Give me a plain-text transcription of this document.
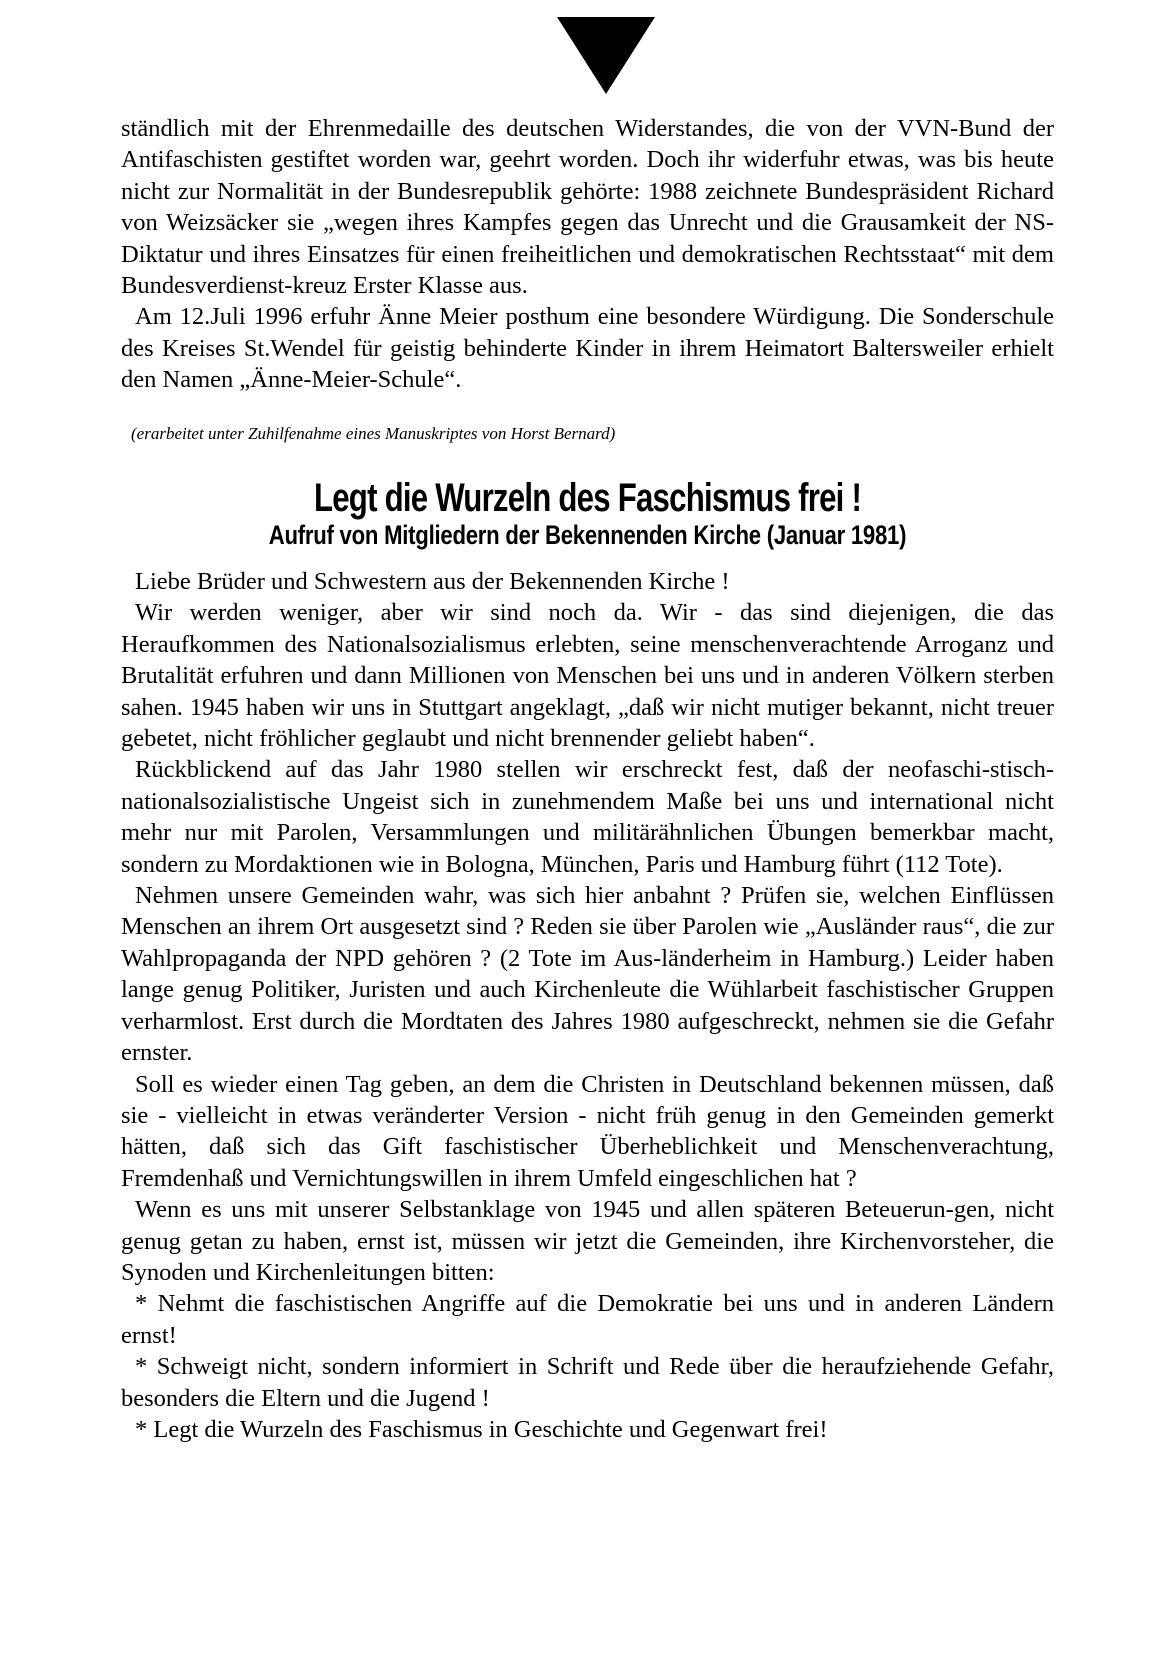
ständlich mit der Ehrenmedaille des deutschen Widerstandes, die von der VVN-Bund der Antifaschisten gestiftet worden war, geehrt worden. Doch ihr widerfuhr etwas, was bis heute nicht zur Normalität in der Bundesrepublik gehörte: 1988 zeichnete Bundespräsident Richard von Weizsäcker sie „wegen ihres Kampfes gegen das Unrecht und die Grausamkeit der NS-Diktatur und ihres Einsatzes für einen freiheitlichen und demokratischen Rechtsstaat“ mit dem Bundesverdienst-kreuz Erster Klasse aus.

Am 12.Juli 1996 erfuhr Änne Meier posthum eine besondere Würdigung. Die Sonderschule des Kreises St.Wendel für geistig behinderte Kinder in ihrem Heimatort Baltersweiler erhielt den Namen „Änne-Meier-Schule“.

(erarbeitet unter Zuhilfenahme eines Manuskriptes von Horst Bernard)
Legt die Wurzeln des Faschismus frei !
Aufruf von Mitgliedern der Bekennenden Kirche (Januar 1981)

Liebe Brüder und Schwestern aus der Bekennenden Kirche !

Wir werden weniger, aber wir sind noch da. Wir - das sind diejenigen, die das Heraufkommen des Nationalsozialismus erlebten, seine menschenverachtende Arroganz und Brutalität erfuhren und dann Millionen von Menschen bei uns und in anderen Völkern sterben sahen. 1945 haben wir uns in Stuttgart angeklagt, „daß wir nicht mutiger bekannt, nicht treuer gebetet, nicht fröhlicher geglaubt und nicht brennender geliebt haben“.

Rückblickend auf das Jahr 1980 stellen wir erschreckt fest, daß der neofaschi-stisch-nationalsozialistische Ungeist sich in zunehmendem Maße bei uns und international nicht mehr nur mit Parolen, Versammlungen und militärähnlichen Übungen bemerkbar macht, sondern zu Mordaktionen wie in Bologna, München, Paris und Hamburg führt (112 Tote).

Nehmen unsere Gemeinden wahr, was sich hier anbahnt ? Prüfen sie, welchen Einflüssen Menschen an ihrem Ort ausgesetzt sind ? Reden sie über Parolen wie „Ausländer raus“, die zur Wahlpropaganda der NPD gehören ? (2 Tote im Aus-länderheim in Hamburg.) Leider haben lange genug Politiker, Juristen und auch Kirchenleute die Wühlarbeit faschistischer Gruppen verharmlost. Erst durch die Mordtaten des Jahres 1980 aufgeschreckt, nehmen sie die Gefahr ernster.

Soll es wieder einen Tag geben, an dem die Christen in Deutschland bekennen müssen, daß sie - vielleicht in etwas veränderter Version - nicht früh genug in den Gemeinden gemerkt hätten, daß sich das Gift faschistischer Überheblichkeit und Menschenverachtung, Fremdenhaß und Vernichtungswillen in ihrem Umfeld eingeschlichen hat ?

Wenn es uns mit unserer Selbstanklage von 1945 und allen späteren Beteuerun-gen, nicht genug getan zu haben, ernst ist, müssen wir jetzt die Gemeinden, ihre Kirchenvorsteher, die Synoden und Kirchenleitungen bitten:

* Nehmt die faschistischen Angriffe auf die Demokratie bei uns und in anderen Ländern ernst!

* Schweigt nicht, sondern informiert in Schrift und Rede über die heraufziehende Gefahr, besonders die Eltern und die Jugend !

* Legt die Wurzeln des Faschismus in Geschichte und Gegenwart frei!
